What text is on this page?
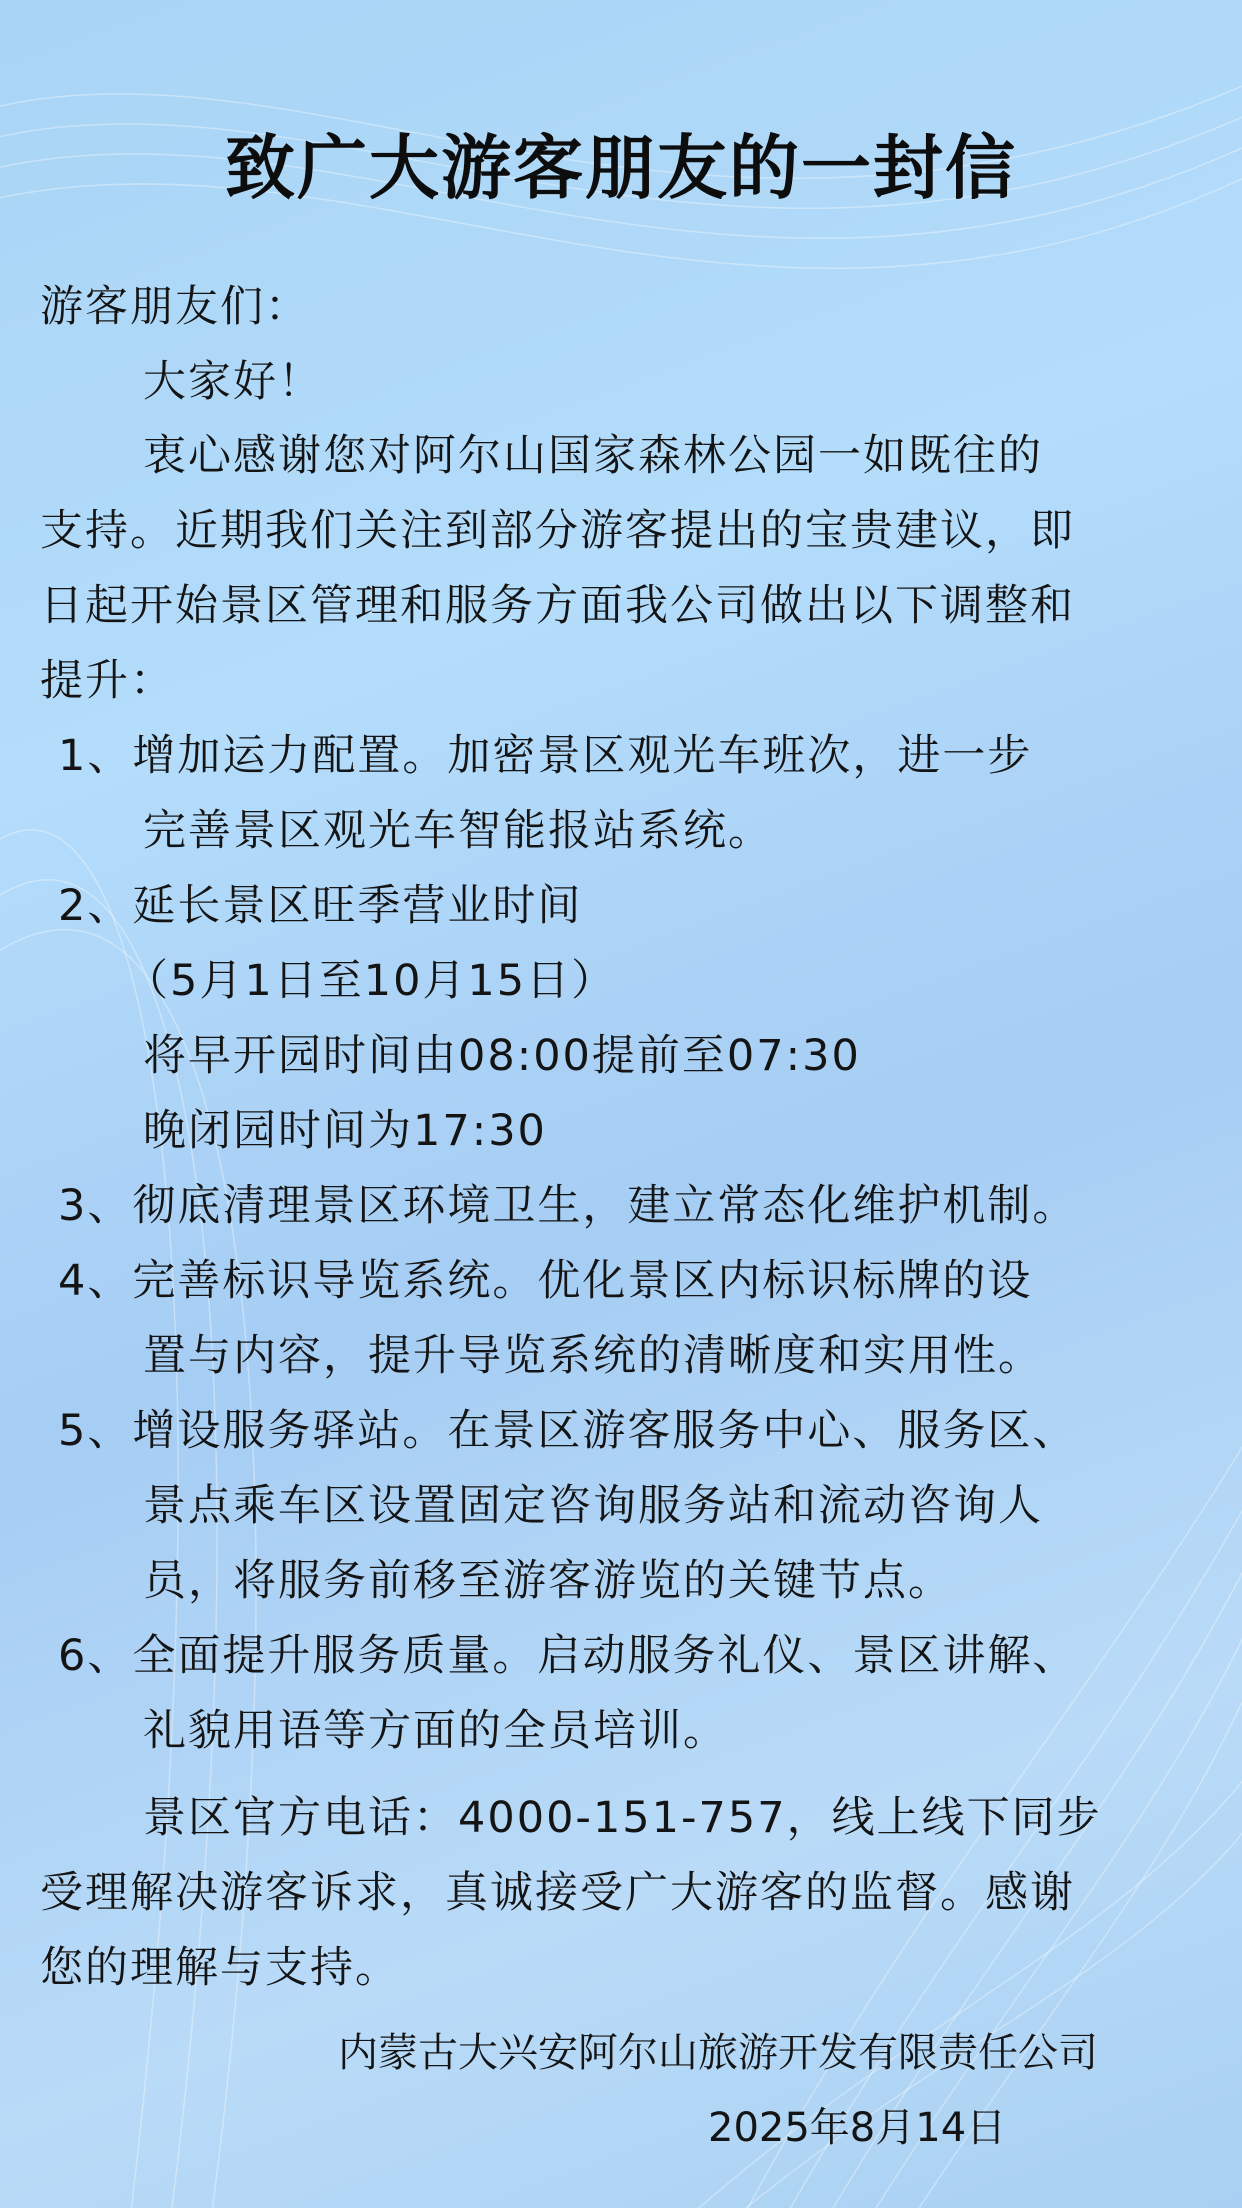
致广大游客朋友的一封信
游客朋友们：
大家好！
衷心感谢您对阿尔山国家森林公园一如既往的
支持。近期我们关注到部分游客提出的宝贵建议，即
日起开始景区管理和服务方面我公司做出以下调整和
提升：
1、增加运力配置。加密景区观光车班次，进一步
完善景区观光车智能报站系统。
2、延长景区旺季营业时间
（5月1日至10月15日）
将早开园时间由08:00提前至07:30
晚闭园时间为17:30
3、彻底清理景区环境卫生，建立常态化维护机制。
4、完善标识导览系统。优化景区内标识标牌的设
置与内容，提升导览系统的清晰度和实用性。
5、增设服务驿站。在景区游客服务中心、服务区、
景点乘车区设置固定咨询服务站和流动咨询人
员，将服务前移至游客游览的关键节点。
6、全面提升服务质量。启动服务礼仪、景区讲解、
礼貌用语等方面的全员培训。
景区官方电话：4000-151-757，线上线下同步
受理解决游客诉求，真诚接受广大游客的监督。感谢
您的理解与支持。
内蒙古大兴安阿尔山旅游开发有限责任公司
2025年8月14日
